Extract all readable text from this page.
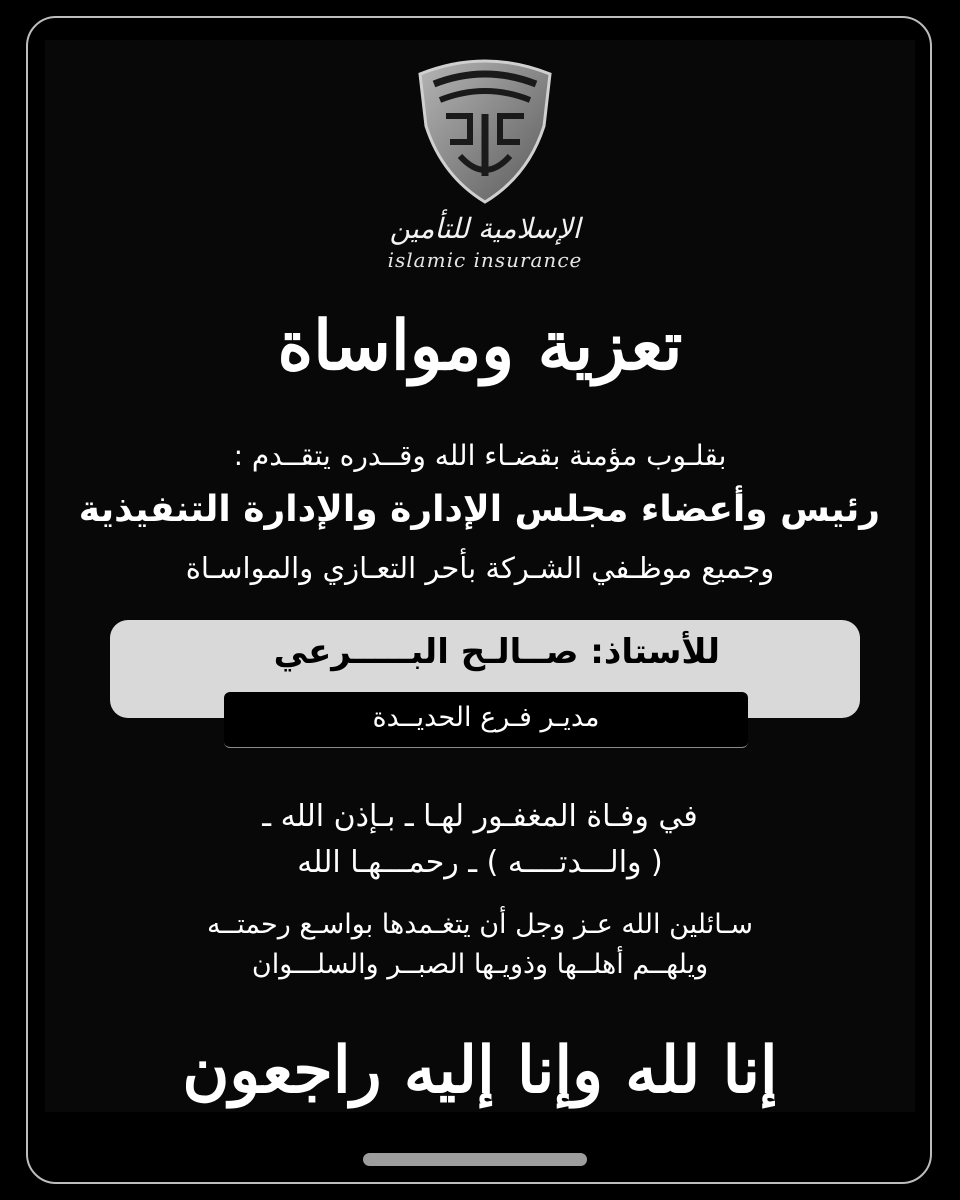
الإسلامية للتأمين
islamic insurance
تعزية ومواساة
بقلـوب مؤمنة بقضـاء الله وقــدره يتقــدم :
رئيس وأعضاء مجلس الإدارة والإدارة التنفيذية
وجميع موظـفي الشـركة بأحر التعـازي والمواسـاة
للأستاذ: صــالـح البـــــرعي
مديـر فـرع الحديــدة
في وفـاة المغفـور لهـا ـ بـإذن الله ـ
( والـــدتــــه ) ـ رحمـــهـا الله
سـائلين الله عـز وجل أن يتغـمدها بواسـع رحمتــه
ويلهــم أهلــها وذويـها الصبــر والسلـــوان
إنا لله وإنا إليه راجعون
